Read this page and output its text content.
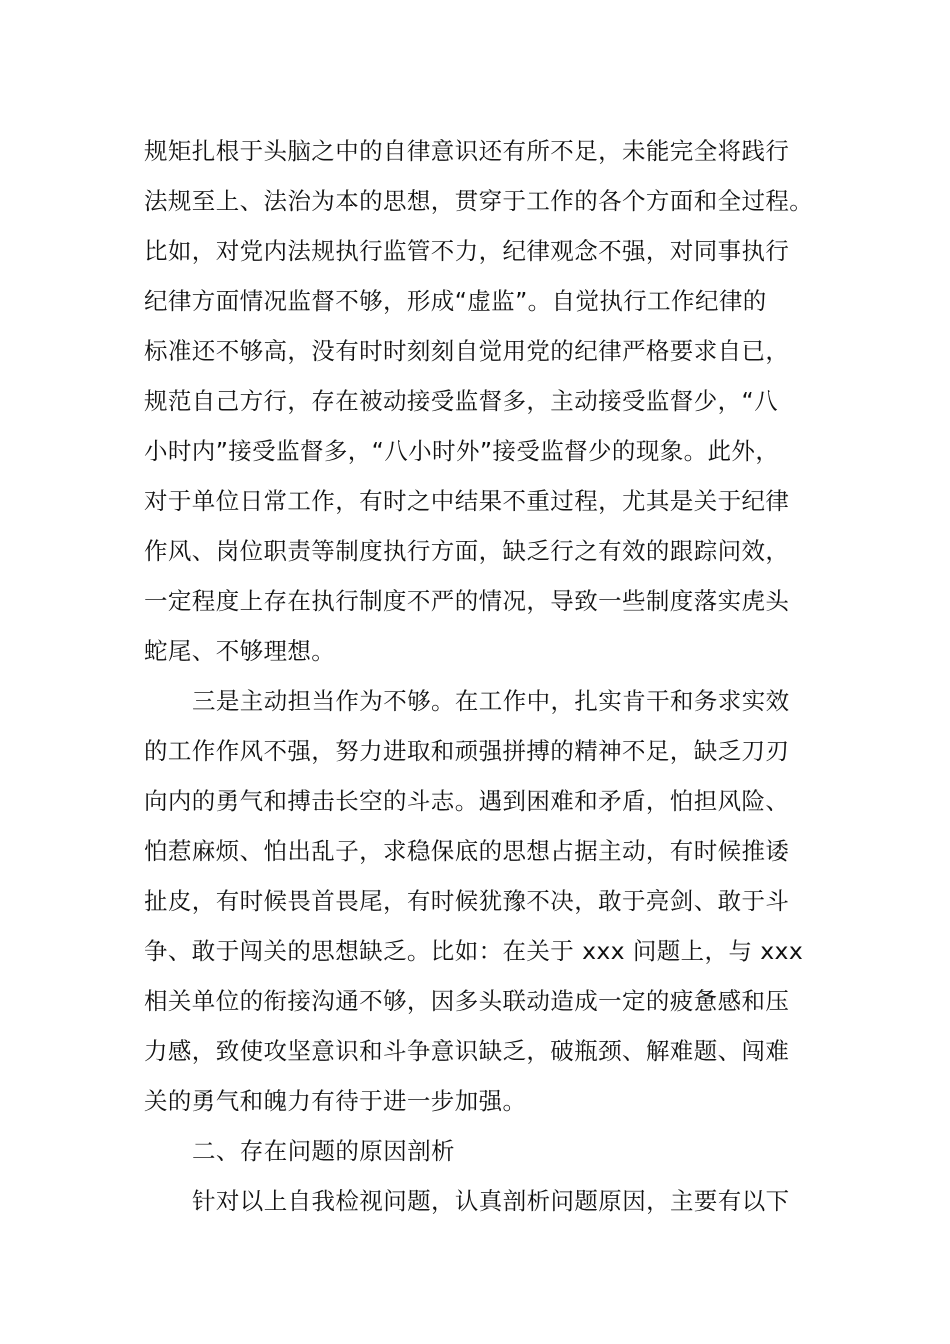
规矩扎根于头脑之中的自律意识还有所不足，未能完全将践行
法规至上、法治为本的思想，贯穿于工作的各个方面和全过程。
比如，对党内法规执行监管不力，纪律观念不强，对同事执行
纪律方面情况监督不够，形成“虚监”。自觉执行工作纪律的
标准还不够高，没有时时刻刻自觉用党的纪律严格要求自已，
规范自己方行，存在被动接受监督多，主动接受监督少，“八
小时内”接受监督多，“八小时外”接受监督少的现象。此外，
对于单位日常工作，有时之中结果不重过程，尤其是关于纪律
作风、岗位职责等制度执行方面，缺乏行之有效的跟踪问效，
一定程度上存在执行制度不严的情况，导致一些制度落实虎头
蛇尾、不够理想。
三是主动担当作为不够。在工作中，扎实肯干和务求实效
的工作作风不强，努力进取和顽强拼搏的精神不足，缺乏刀刃
向内的勇气和搏击长空的斗志。遇到困难和矛盾，怕担风险、
怕惹麻烦、怕出乱子，求稳保底的思想占据主动，有时候推诿
扯皮，有时候畏首畏尾，有时候犹豫不决，敢于亮剑、敢于斗
争、敢于闯关的思想缺乏。比如：在关于 xxx 问题上，与 xxx
相关单位的衔接沟通不够，因多头联动造成一定的疲惫感和压
力感，致使攻坚意识和斗争意识缺乏，破瓶颈、解难题、闯难
关的勇气和魄力有待于进一步加强。
二、存在问题的原因剖析
针对以上自我检视问题，认真剖析问题原因，主要有以下
